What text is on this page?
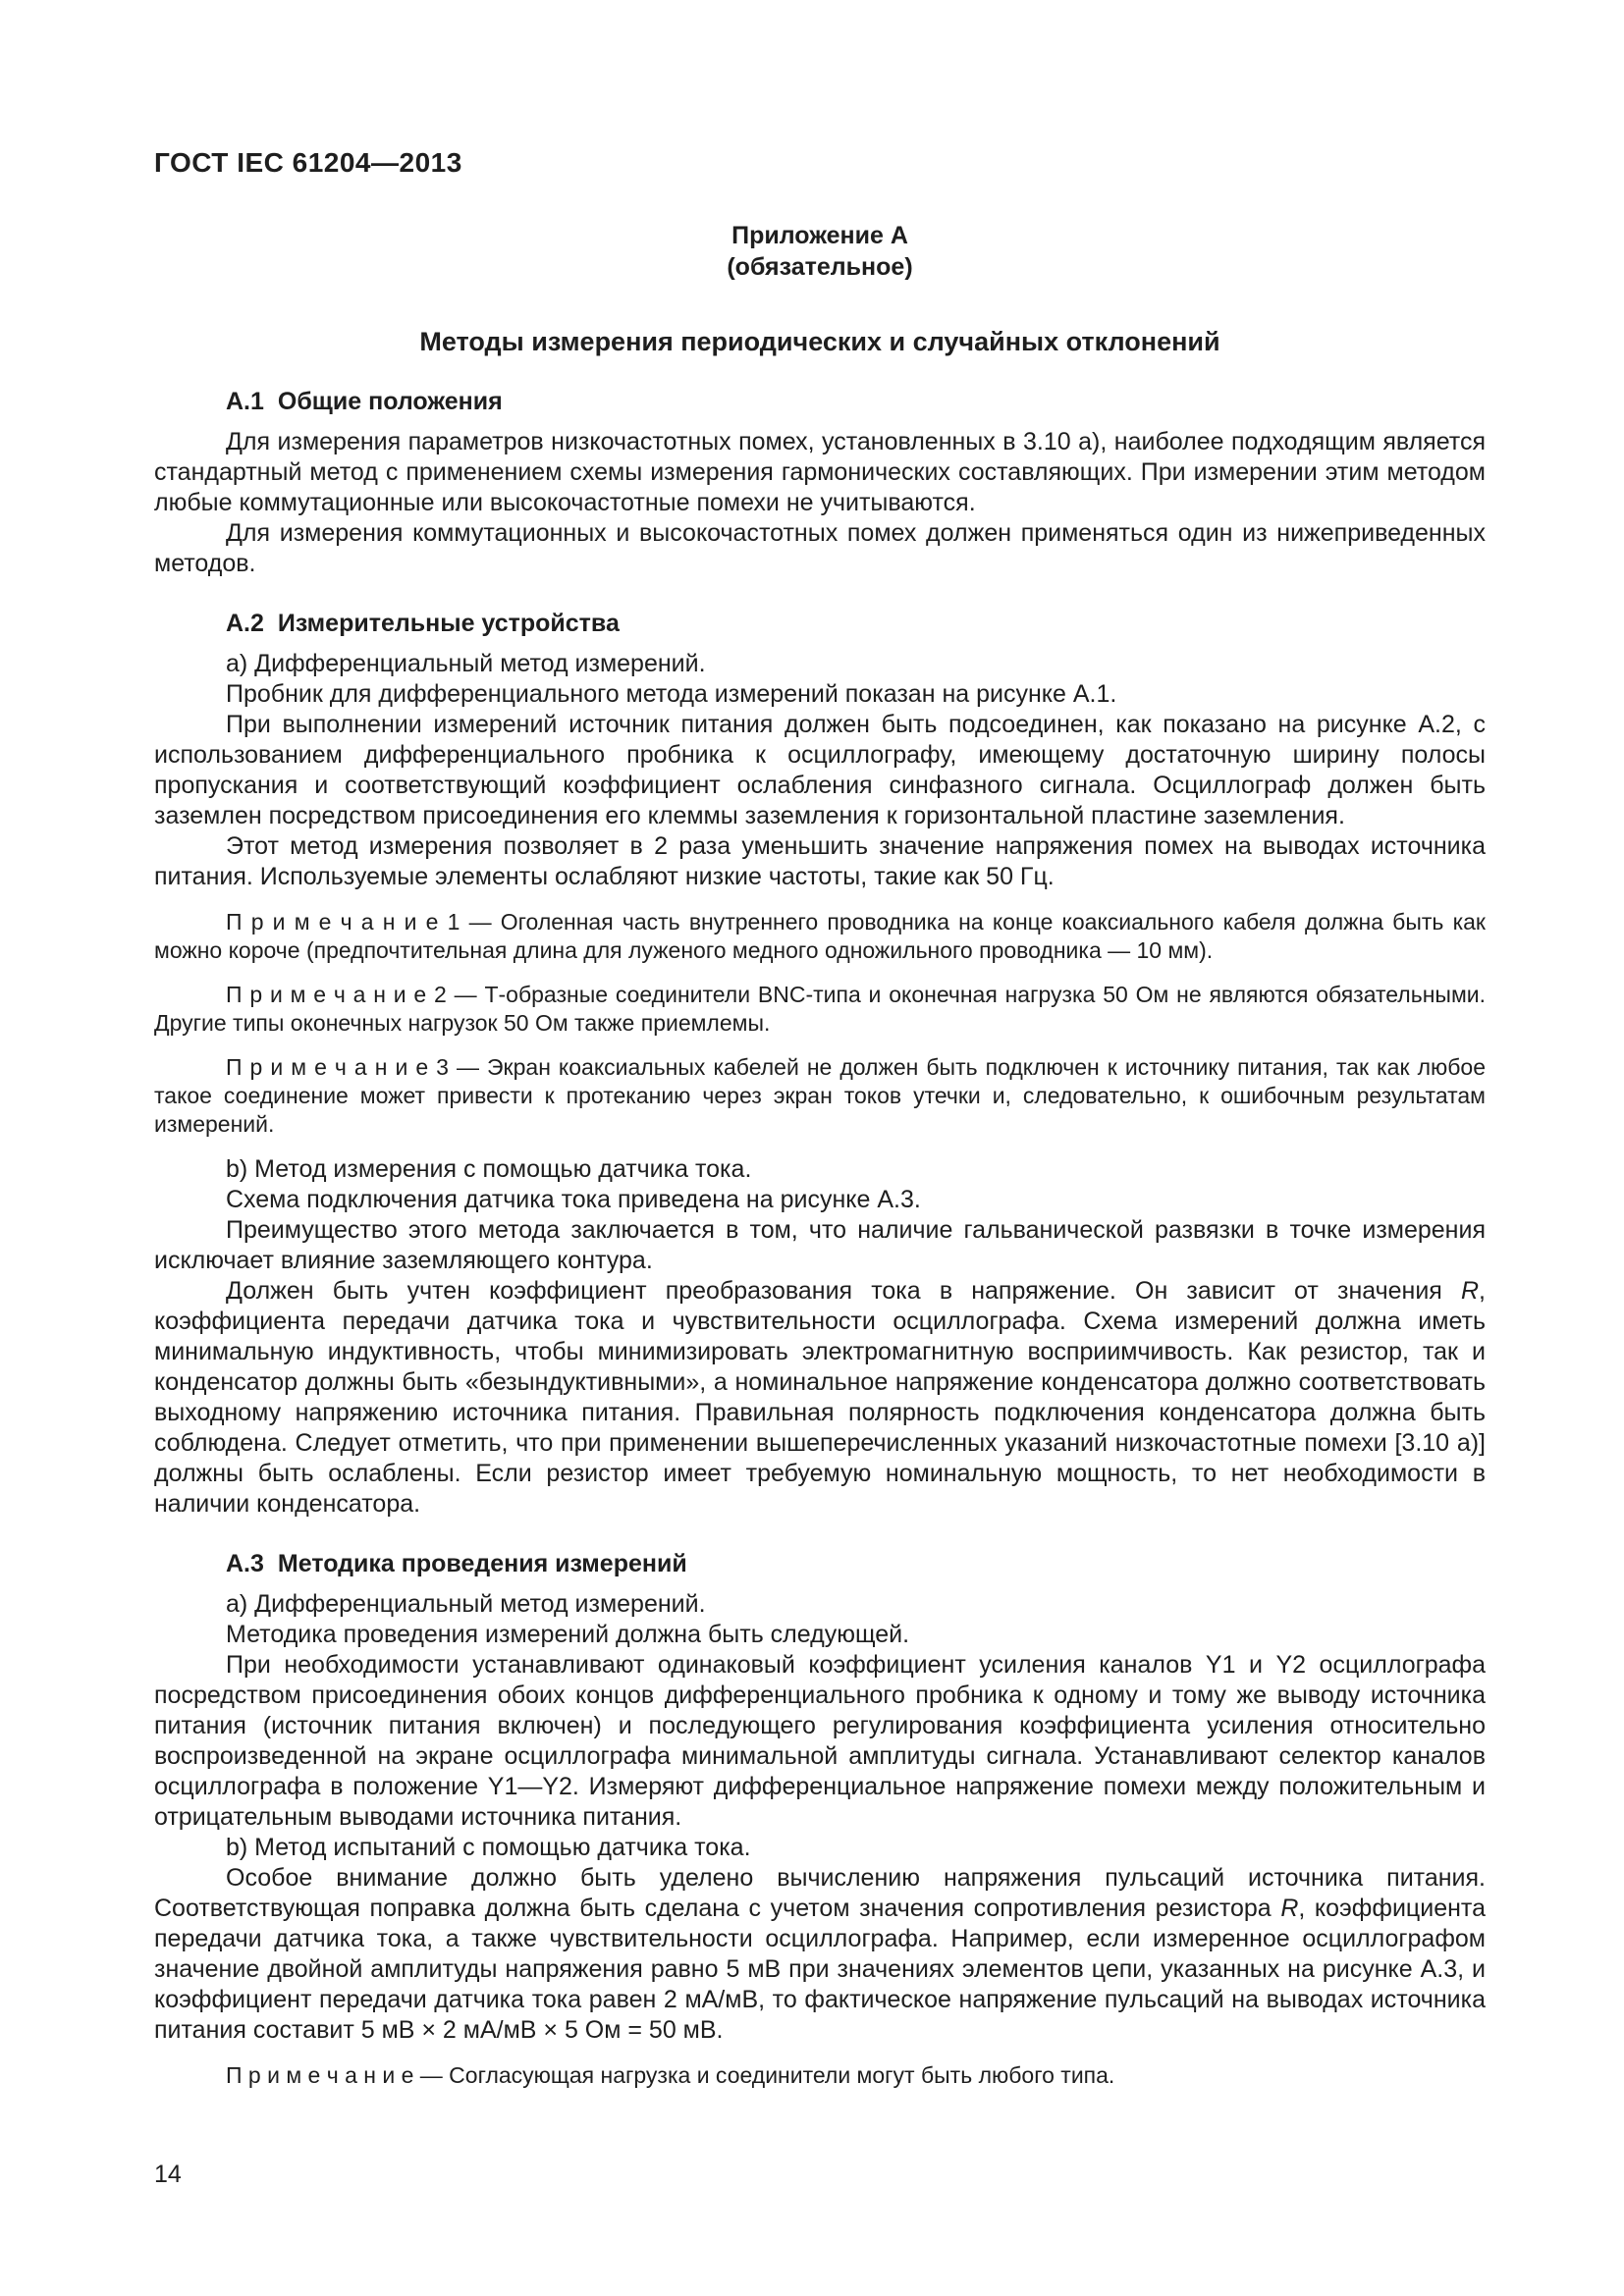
ГОСТ IEC 61204—2013
Приложение А
(обязательное)
Методы измерения периодических и случайных отклонений
А.1 Общие положения

Для измерения параметров низкочастотных помех, установленных в 3.10 а), наиболее подходящим является стандартный метод с применением схемы измерения гармонических составляющих. При измерении этим методом любые коммутационные или высокочастотные помехи не учитываются.

Для измерения коммутационных и высокочастотных помех должен применяться один из нижеприведенных методов.

А.2 Измерительные устройства

a) Дифференциальный метод измерений.

Пробник для дифференциального метода измерений показан на рисунке А.1.

При выполнении измерений источник питания должен быть подсоединен, как показано на рисунке А.2, с использованием дифференциального пробника к осциллографу, имеющему достаточную ширину полосы пропускания и соответствующий коэффициент ослабления синфазного сигнала. Осциллограф должен быть заземлен посредством присоединения его клеммы заземления к горизонтальной пластине заземления.

Этот метод измерения позволяет в 2 раза уменьшить значение напряжения помех на выводах источника питания. Используемые элементы ослабляют низкие частоты, такие как 50 Гц.

П р и м е ч а н и е 1 — Оголенная часть внутреннего проводника на конце коаксиального кабеля должна быть как можно короче (предпочтительная длина для луженого медного одножильного проводника — 10 мм).

П р и м е ч а н и е 2 — Т-образные соединители BNC-типа и оконечная нагрузка 50 Ом не являются обязательными. Другие типы оконечных нагрузок 50 Ом также приемлемы.

П р и м е ч а н и е 3 — Экран коаксиальных кабелей не должен быть подключен к источнику питания, так как любое такое соединение может привести к протеканию через экран токов утечки и, следовательно, к ошибочным результатам измерений.

b) Метод измерения с помощью датчика тока.

Схема подключения датчика тока приведена на рисунке А.3.

Преимущество этого метода заключается в том, что наличие гальванической развязки в точке измерения исключает влияние заземляющего контура.

Должен быть учтен коэффициент преобразования тока в напряжение. Он зависит от значения R, коэффициента передачи датчика тока и чувствительности осциллографа. Схема измерений должна иметь минимальную индуктивность, чтобы минимизировать электромагнитную восприимчивость. Как резистор, так и конденсатор должны быть «безындуктивными», а номинальное напряжение конденсатора должно соответствовать выходному напряжению источника питания. Правильная полярность подключения конденсатора должна быть соблюдена. Следует отметить, что при применении вышеперечисленных указаний низкочастотные помехи [3.10 а)] должны быть ослаблены. Если резистор имеет требуемую номинальную мощность, то нет необходимости в наличии конденсатора.

А.3 Методика проведения измерений

a) Дифференциальный метод измерений.

Методика проведения измерений должна быть следующей.

При необходимости устанавливают одинаковый коэффициент усиления каналов Y1 и Y2 осциллографа посредством присоединения обоих концов дифференциального пробника к одному и тому же выводу источника питания (источник питания включен) и последующего регулирования коэффициента усиления относительно воспроизведенной на экране осциллографа минимальной амплитуды сигнала. Устанавливают селектор каналов осциллографа в положение Y1—Y2. Измеряют дифференциальное напряжение помехи между положительным и отрицательным выводами источника питания.

b) Метод испытаний с помощью датчика тока.

Особое внимание должно быть уделено вычислению напряжения пульсаций источника питания. Соответствующая поправка должна быть сделана с учетом значения сопротивления резистора R, коэффициента передачи датчика тока, а также чувствительности осциллографа. Например, если измеренное осциллографом значение двойной амплитуды напряжения равно 5 мВ при значениях элементов цепи, указанных на рисунке А.3, и коэффициент передачи датчика тока равен 2 мА/мВ, то фактическое напряжение пульсаций на выводах источника питания составит 5 мВ × 2 мА/мВ × 5 Ом = 50 мВ.

П р и м е ч а н и е — Согласующая нагрузка и соединители могут быть любого типа.

14
